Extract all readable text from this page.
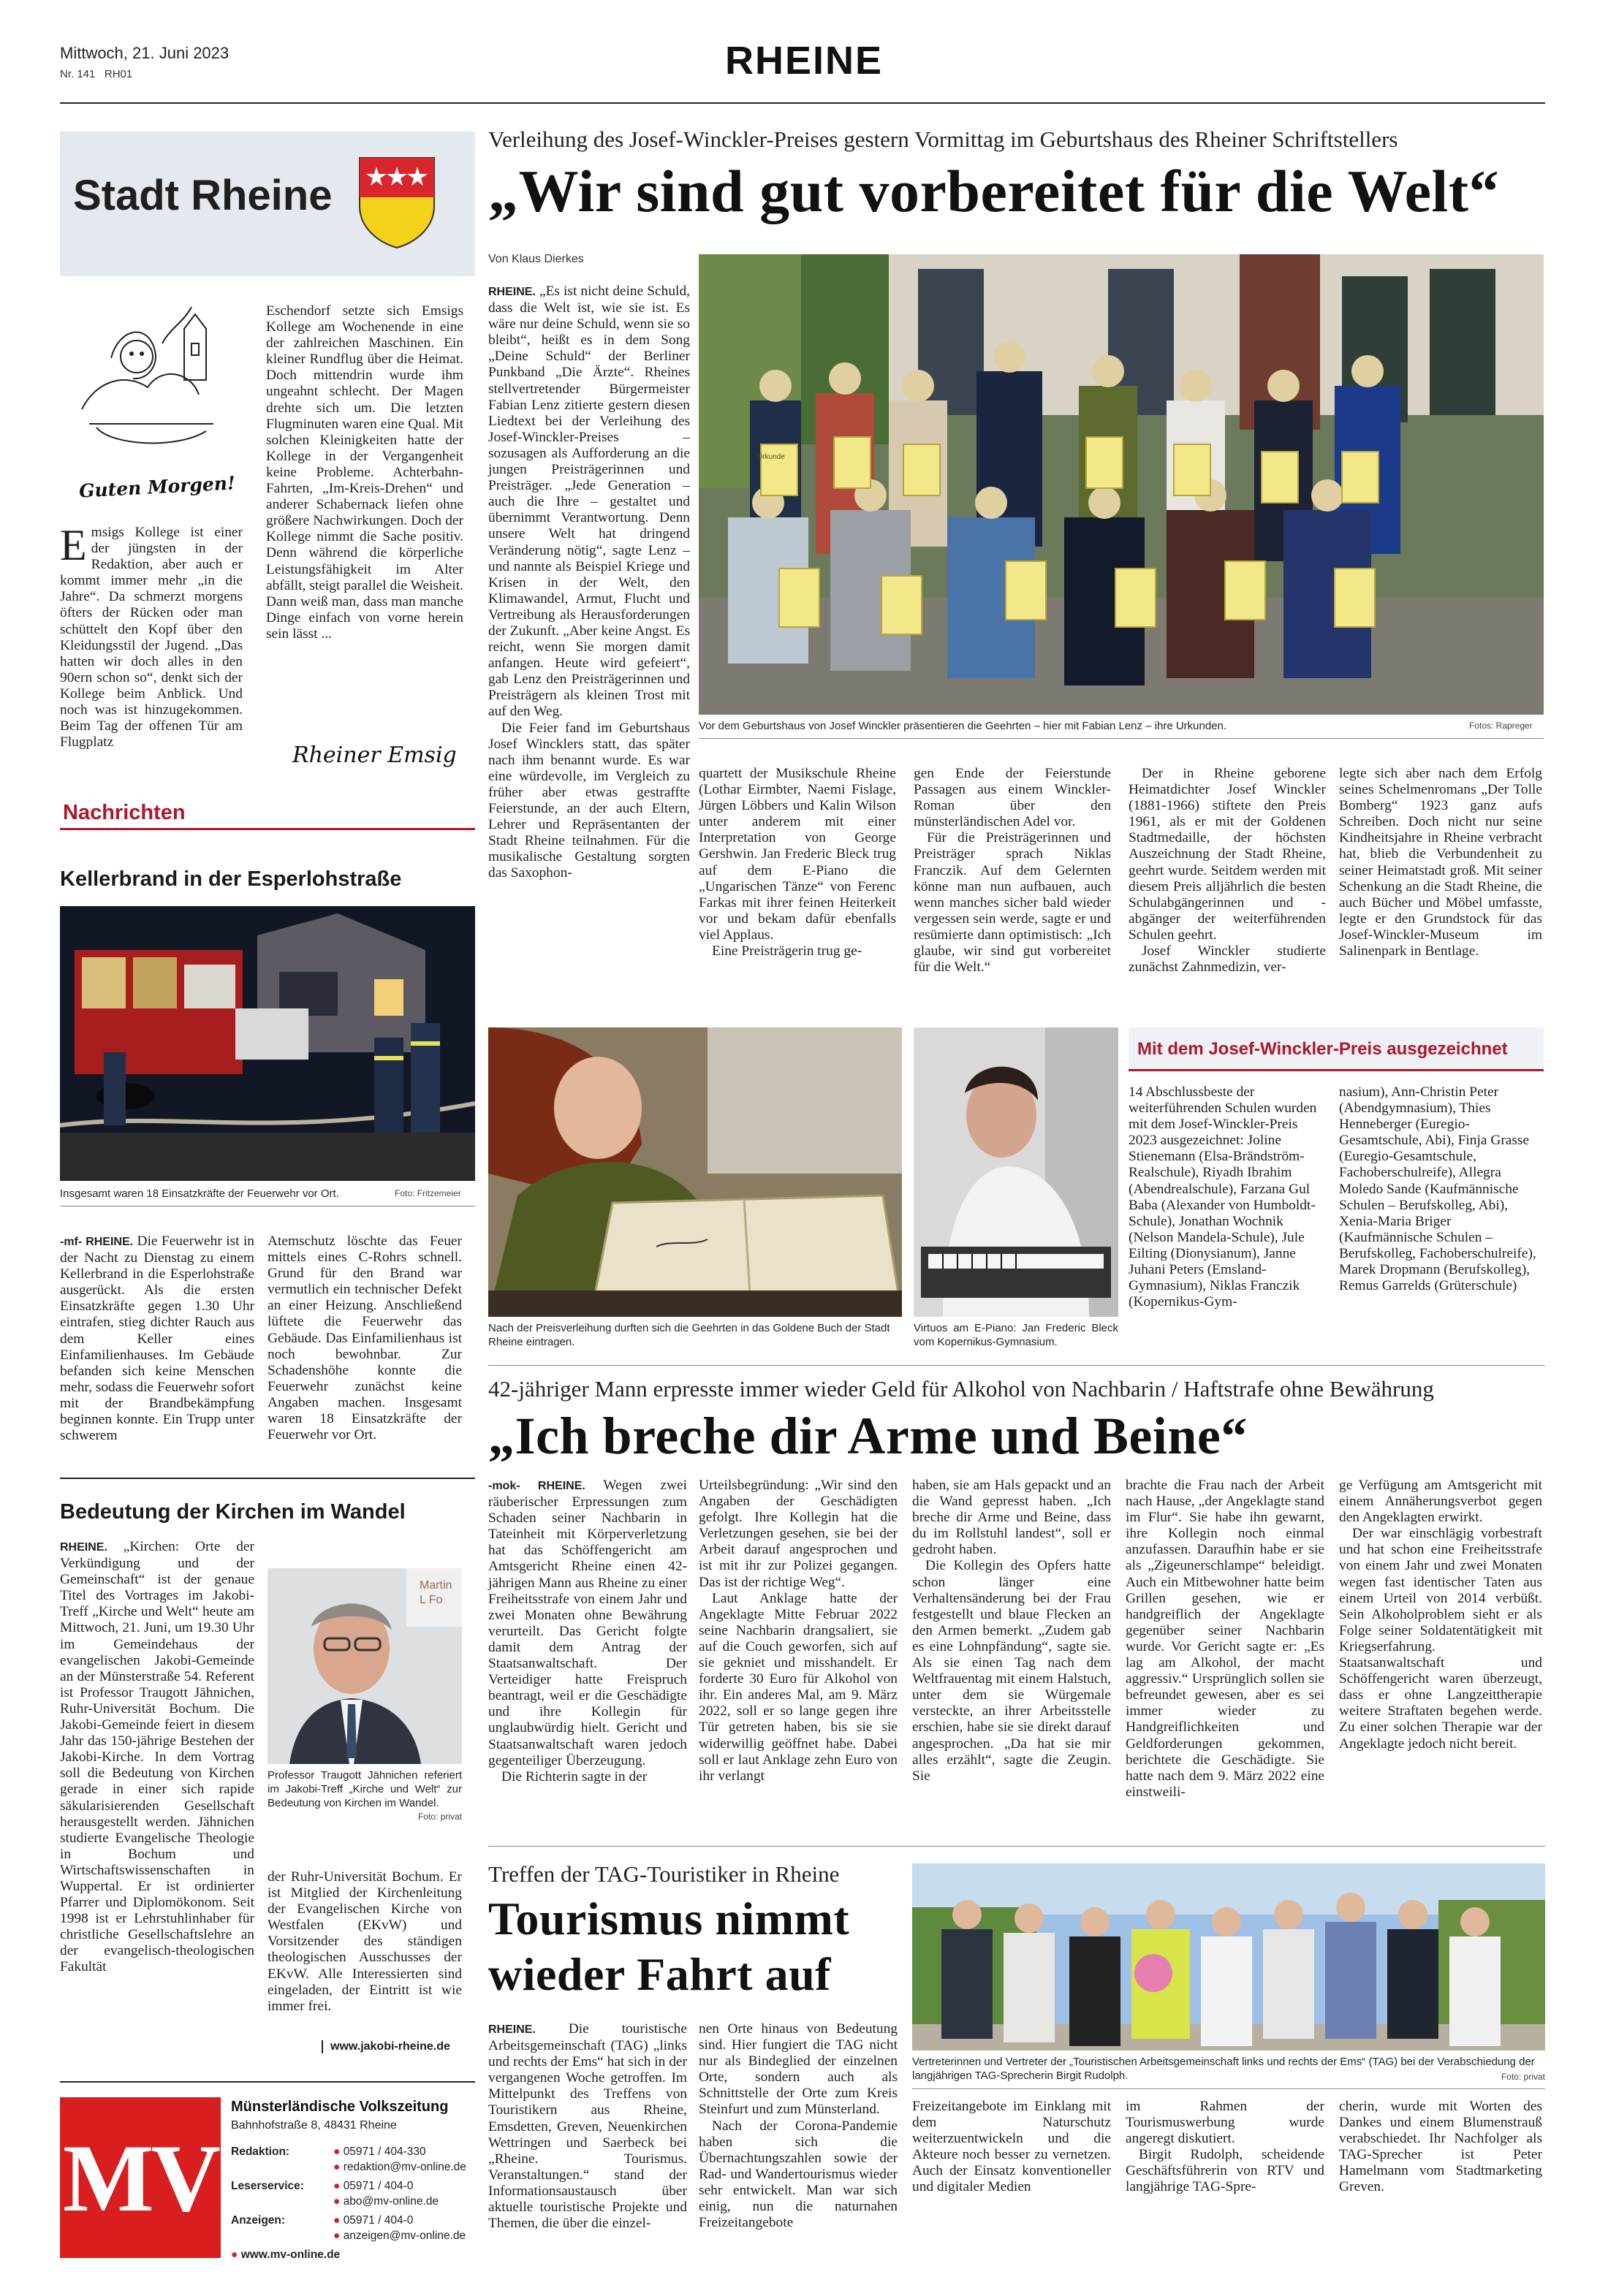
Mittwoch, 21. Juni 2023
Nr. 141 RH01	RHEINE
Stadt Rheine
Guten Morgen!
Emsigs Kollege ist einer der jüngsten in der Redaktion, aber auch er kommt immer mehr „in die Jahre“. Da schmerzt morgens öfters der Rücken oder man schüttelt den Kopf über den Kleidungsstil der Jugend. „Das hatten wir doch alles in den 90ern schon so“, denkt sich der Kollege beim Anblick. Und noch was ist hinzugekommen. Beim Tag der offenen Tür am Flugplatz
Eschendorf setzte sich Emsigs Kollege am Wochenende in eine der zahlreichen Maschinen. Ein kleiner Rundflug über die Heimat. Doch mittendrin wurde ihm ungeahnt schlecht. Der Magen drehte sich um. Die letzten Flugminuten waren eine Qual. Mit solchen Kleinigkeiten hatte der Kollege in der Vergangenheit keine Probleme. Achterbahn-Fahrten, „Im-Kreis-Drehen“ und anderer Schabernack liefen ohne größere Nachwirkungen. Doch der Kollege nimmt die Sache positiv. Denn während die körperliche Leistungsfähigkeit im Alter abfällt, steigt parallel die Weisheit. Dann weiß man, dass man manche Dinge einfach von vorne herein sein lässt ...
Rheiner Emsig
Nachrichten
Kellerbrand in der Esperlohstraße
Insgesamt waren 18 Einsatzkräfte der Feuerwehr vor Ort.	Foto: Fritzemeier
-mf- RHEINE. Die Feuerwehr ist in der Nacht zu Dienstag zu einem Kellerbrand in die Esperlohstraße ausgerückt. Als die ersten Einsatzkräfte gegen 1.30 Uhr eintrafen, stieg dichter Rauch aus dem Keller eines Einfamilienhauses. Im Gebäude befanden sich keine Menschen mehr, sodass die Feuerwehr sofort mit der Brandbekämpfung beginnen konnte. Ein Trupp unter schwerem
Atemschutz löschte das Feuer mittels eines C-Rohrs schnell. Grund für den Brand war vermutlich ein technischer Defekt an einer Heizung. Anschließend lüftete die Feuerwehr das Gebäude. Das Einfamilienhaus ist noch bewohnbar. Zur Schadenshöhe konnte die Feuerwehr zunächst keine Angaben machen. Insgesamt waren 18 Einsatzkräfte der Feuerwehr vor Ort.
Bedeutung der Kirchen im Wandel
RHEINE. „Kirchen: Orte der Verkündigung und der Gemeinschaft“ ist der genaue Titel des Vortrages im Jakobi-Treff „Kirche und Welt“ heute am Mittwoch, 21. Juni, um 19.30 Uhr im Gemeindehaus der evangelischen Jakobi-Gemeinde an der Münsterstraße 54. Referent ist Professor Traugott Jähnichen, Ruhr-Universität Bochum. Die Jakobi-Gemeinde feiert in diesem Jahr das 150-jährige Bestehen der Jakobi-Kirche. In dem Vortrag soll die Bedeutung von Kirchen gerade in einer sich rapide säkularisierenden Gesellschaft herausgestellt werden. Jähnichen studierte Evangelische Theologie in Bochum und Wirtschaftswissenschaften in Wuppertal. Er ist ordinierter Pfarrer und Diplomökonom. Seit 1998 ist er Lehrstuhlinhaber für christliche Gesellschaftslehre an der evangelisch-theologischen Fakultät
Martin L Fo
Professor Traugott Jähnichen referiert im Jakobi-Treff „Kirche und Welt“ zur Bedeutung von Kirchen im Wandel.
Foto: privat
der Ruhr-Universität Bochum. Er ist Mitglied der Kirchenleitung der Evangelischen Kirche von Westfalen (EKvW) und Vorsitzender des ständigen theologischen Ausschusses der EKvW. Alle Interessierten sind eingeladen, der Eintritt ist wie immer frei.
www.jakobi-rheine.de
MV
Münsterländische Volkszeitung
Bahnhofstraße 8, 48431 Rheine
Redaktion:	● 05971 / 404-330
● redaktion@mv-online.de
Leserservice:	● 05971 / 404-0
● abo@mv-online.de
Anzeigen:	● 05971 / 404-0
● anzeigen@mv-online.de
● www.mv-online.de
Verleihung des Josef-Winckler-Preises gestern Vormittag im Geburtshaus des Rheiner Schriftstellers
„Wir sind gut vorbereitet für die Welt“
Von Klaus Dierkes

RHEINE. „Es ist nicht deine Schuld, dass die Welt ist, wie sie ist. Es wäre nur deine Schuld, wenn sie so bleibt“, heißt es in dem Song „Deine Schuld“ der Berliner Punkband „Die Ärzte“. Rheines stellvertretender Bürgermeister Fabian Lenz zitierte gestern diesen Liedtext bei der Verleihung des Josef-Winckler-Preises – sozusagen als Aufforderung an die jungen Preisträgerinnen und Preisträger. „Jede Generation – auch die Ihre – gestaltet und übernimmt Verantwortung. Denn unsere Welt hat dringend Veränderung nötig“, sagte Lenz – und nannte als Beispiel Kriege und Krisen in der Welt, den Klimawandel, Armut, Flucht und Vertreibung als Herausforderungen der Zukunft. „Aber keine Angst. Es reicht, wenn Sie morgen damit anfangen. Heute wird gefeiert“, gab Lenz den Preisträgerinnen und Preisträgern als kleinen Trost mit auf den Weg.

Die Feier fand im Geburtshaus Josef Wincklers statt, das später nach ihm benannt wurde. Es war eine würdevolle, im Vergleich zu früher aber etwas gestraffte Feierstunde, an der auch Eltern, Lehrer und Repräsentanten der Stadt Rheine teilnahmen. Für die musikalische Gestaltung sorgten das Saxophon-

Urkunde
Vor dem Geburtshaus von Josef Winckler präsentieren die Geehrten – hier mit Fabian Lenz – ihre Urkunden.	Fotos: Rapreger

quartett der Musikschule Rheine (Lothar Eirmbter, Naemi Fislage, Jürgen Löbbers und Kalin Wilson unter anderem mit einer Interpretation von George Gershwin. Jan Frederic Bleck trug auf dem E-Piano die „Ungarischen Tänze“ von Ferenc Farkas mit ihrer feinen Heiterkeit vor und bekam dafür ebenfalls viel Applaus.

Eine Preisträgerin trug ge-

gen Ende der Feierstunde Passagen aus einem Winckler-Roman über den münsterländischen Adel vor.

Für die Preisträgerinnen und Preisträger sprach Niklas Franczik. Auf dem Gelernten könne man nun aufbauen, auch wenn manches sicher bald wieder vergessen sein werde, sagte er und resümierte dann optimistisch: „Ich glaube, wir sind gut vorbereitet für die Welt.“

Der in Rheine geborene Heimatdichter Josef Winckler (1881-1966) stiftete den Preis 1961, als er mit der Goldenen Stadtmedaille, der höchsten Auszeichnung der Stadt Rheine, geehrt wurde. Seitdem werden mit diesem Preis alljährlich die besten Schulabgängerinnen und -abgänger der weiterführenden Schulen geehrt.

Josef Winckler studierte zunächst Zahnmedizin, ver-

legte sich aber nach dem Erfolg seines Schelmenromans „Der Tolle Bomberg“ 1923 ganz aufs Schreiben. Doch nicht nur seine Kindheitsjahre in Rheine verbracht hat, blieb die Verbundenheit zu seiner Heimatstadt groß. Mit seiner Schenkung an die Stadt Rheine, die auch Bücher und Möbel umfasste, legte er den Grundstock für das Josef-Winckler-Museum im Salinenpark in Bentlage.
Nach der Preisverleihung durften sich die Geehrten in das Goldene Buch der Stadt Rheine eintragen.
Virtuos am E-Piano: Jan Frederic Bleck vom Kopernikus-Gymnasium.
Mit dem Josef-Winckler-Preis ausgezeichnet
14 Abschlussbeste der weiterführenden Schulen wurden mit dem Josef-Winckler-Preis 2023 ausgezeichnet: Joline Stienemann (Elsa-Brändström-Realschule), Riyadh Ibrahim (Abendrealschule), Farzana Gul Baba (Alexander von Humboldt-Schule), Jonathan Wochnik (Nelson Mandela-Schule), Jule Eilting (Dionysianum), Janne Juhani Peters (Emsland-Gymnasium), Niklas Franczik (Kopernikus-Gym-
nasium), Ann-Christin Peter (Abendgymnasium), Thies Henneberger (Euregio-Gesamtschule, Abi), Finja Grasse (Euregio-Gesamtschule, Fachoberschulreife), Allegra Moledo Sande (Kaufmännische Schulen – Berufskolleg, Abi), Xenia-Maria Briger (Kaufmännische Schulen – Berufskolleg, Fachoberschulreife), Marek Dropmann (Berufskolleg), Remus Garrelds (Grüterschule)
42-jähriger Mann erpresste immer wieder Geld für Alkohol von Nachbarin / Haftstrafe ohne Bewährung
„Ich breche dir Arme und Beine“

-mok- RHEINE. Wegen zwei räuberischer Erpressungen zum Schaden seiner Nachbarin in Tateinheit mit Körperverletzung hat das Schöffengericht am Amtsgericht Rheine einen 42-jährigen Mann aus Rheine zu einer Freiheitsstrafe von einem Jahr und zwei Monaten ohne Bewährung verurteilt. Das Gericht folgte damit dem Antrag der Staatsanwaltschaft. Der Verteidiger hatte Freispruch beantragt, weil er die Geschädigte und ihre Kollegin für unglaubwürdig hielt. Gericht und Staatsanwaltschaft waren jedoch gegenteiliger Überzeugung.

Die Richterin sagte in der

Urteilsbegründung: „Wir sind den Angaben der Geschädigten gefolgt. Ihre Kollegin hat die Verletzungen gesehen, sie bei der Arbeit darauf angesprochen und ist mit ihr zur Polizei gegangen. Das ist der richtige Weg“.

Laut Anklage hatte der Angeklagte Mitte Februar 2022 seine Nachbarin drangsaliert, sie auf die Couch geworfen, sich auf sie gekniet und misshandelt. Er forderte 30 Euro für Alkohol von ihr. Ein anderes Mal, am 9. März 2022, soll er so lange gegen ihre Tür getreten haben, bis sie sie widerwillig geöffnet habe. Dabei soll er laut Anklage zehn Euro von ihr verlangt

haben, sie am Hals gepackt und an die Wand gepresst haben. „Ich breche dir Arme und Beine, dass du im Rollstuhl landest“, soll er gedroht haben.

Die Kollegin des Opfers hatte schon länger eine Verhaltensänderung bei der Frau festgestellt und blaue Flecken an den Armen bemerkt. „Zudem gab es eine Lohnpfändung“, sagte sie. Als sie einen Tag nach dem Weltfrauentag mit einem Halstuch, unter dem sie Würgemale versteckte, an ihrer Arbeitsstelle erschien, habe sie sie direkt darauf angesprochen. „Da hat sie mir alles erzählt“, sagte die Zeugin. Sie

brachte die Frau nach der Arbeit nach Hause, „der Angeklagte stand im Flur“. Sie habe ihn gewarnt, ihre Kollegin noch einmal anzufassen. Daraufhin habe er sie als „Zigeunerschlampe“ beleidigt. Auch ein Mitbewohner hatte beim Grillen gesehen, wie er handgreiflich der Angeklagte gegenüber seiner Nachbarin wurde. Vor Gericht sagte er: „Es lag am Alkohol, der macht aggressiv.“ Ursprünglich sollen sie befreundet gewesen, aber es sei immer wieder zu Handgreiflichkeiten und Geldforderungen gekommen, berichtete die Geschädigte. Sie hatte nach dem 9. März 2022 eine einstweili-

ge Verfügung am Amtsgericht mit einem Annäherungsverbot gegen den Angeklagten erwirkt.

Der war einschlägig vorbestraft und hat schon eine Freiheitsstrafe von einem Jahr und zwei Monaten wegen fast identischer Taten aus einem Urteil von 2014 verbüßt. Sein Alkoholproblem sieht er als Folge seiner Soldatentätigkeit mit Kriegserfahrung. Staatsanwaltschaft und Schöffengericht waren überzeugt, dass er ohne Langzeittherapie weitere Straftaten begehen werde. Zu einer solchen Therapie war der Angeklagte jedoch nicht bereit.

Treffen der TAG-Touristiker in Rheine
Tourismus nimmt
wieder Fahrt auf
RHEINE. Die touristische Arbeitsgemeinschaft (TAG) „links und rechts der Ems“ hat sich in der vergangenen Woche getroffen. Im Mittelpunkt des Treffens von Touristikern aus Rheine, Emsdetten, Greven, Neuenkirchen Wettringen und Saerbeck bei „Rheine. Tourismus. Veranstaltungen.“ stand der Informationsaustausch über aktuelle touristische Projekte und Themen, die über die einzel-

nen Orte hinaus von Bedeutung sind. Hier fungiert die TAG nicht nur als Bindeglied der einzelnen Orte, sondern auch als Schnittstelle der Orte zum Kreis Steinfurt und zum Münsterland.

Nach der Corona-Pandemie haben sich die Übernachtungszahlen sowie der Rad- und Wandertourismus wieder sehr entwickelt. Man war sich einig, nun die naturnahen Freizeitangebote

Vertreterinnen und Vertreter der „Touristischen Arbeitsgemeinschaft links und rechts der Ems“ (TAG) bei der Verabschiedung der langjährigen TAG-Sprecherin Birgit Rudolph.	Foto: privat
Freizeitangebote im Einklang mit dem Naturschutz weiterzuentwickeln und die Akteure noch besser zu vernetzen. Auch der Einsatz konventioneller und digitaler Medien

im Rahmen der Tourismuswerbung wurde angeregt diskutiert.

Birgit Rudolph, scheidende Geschäftsführerin von RTV und langjährige TAG-Spre-

cherin, wurde mit Worten des Dankes und einem Blumenstrauß verabschiedet. Ihr Nachfolger als TAG-Sprecher ist Peter Hamelmann vom Stadtmarketing Greven.
